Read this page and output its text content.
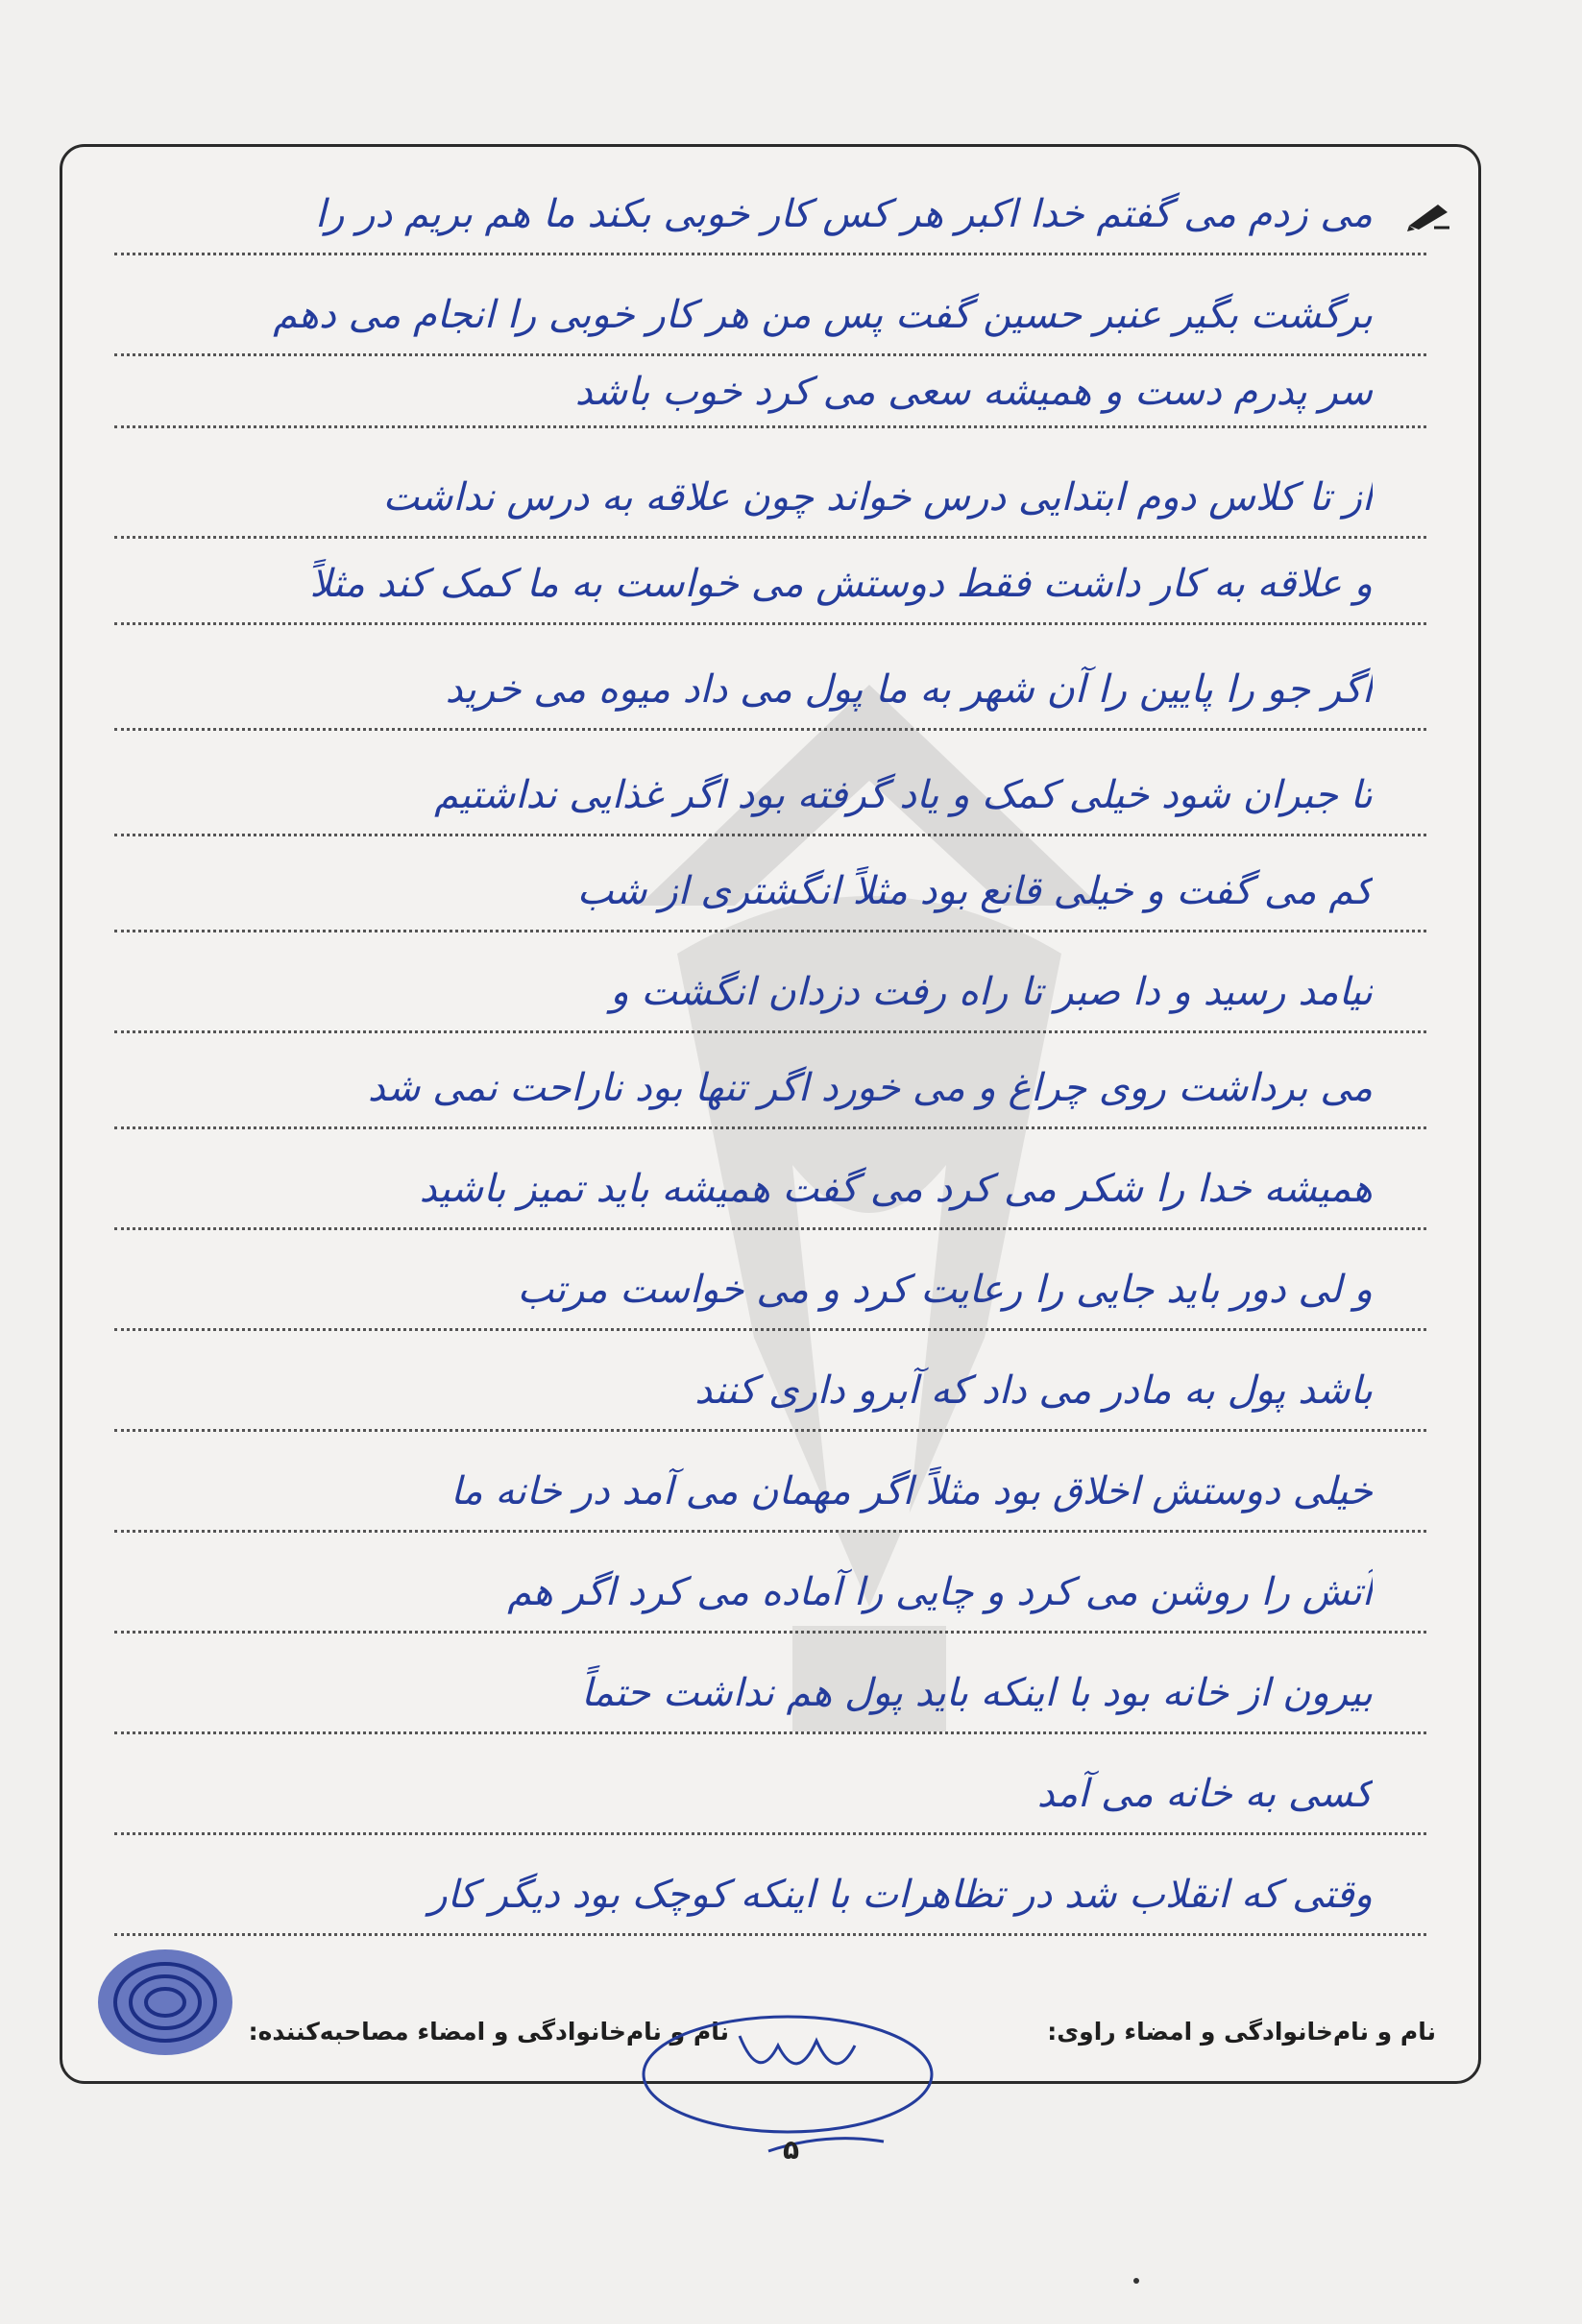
می زدم می گفتم خدا اکبر هر کس کار خوبی بکند ما هم بریم در را
برگشت بگیر عنبر حسین گفت پس من هر کار خوبی را انجام می دهم
سر پدرم دست و همیشه سعی می کرد خوب باشد
از تا کلاس دوم ابتدایی درس خواند چون علاقه به درس نداشت
و علاقه به کار داشت فقط دوستش می خواست به ما کمک کند مثلاً
اگر جو را پایین را آن شهر به ما پول می داد میوه می خرید
تا جبران شود خیلی کمک و یاد گرفته بود اگر غذایی نداشتیم
کم می گفت و خیلی قانع بود مثلاً انگشتری از شب
نیامد رسید و دا صبر تا راه رفت دزدان انگشت و
می برداشت روی چراغ و می خورد اگر تنها بود ناراحت نمی شد
همیشه خدا را شکر می کرد می گفت همیشه باید تمیز باشید
و لی دور باید جایی را رعایت کرد و می خواست مرتب
باشد پول به مادر می داد که آبرو داری کنند
خیلی دوستش اخلاق بود مثلاً اگر مهمان می آمد در خانه ما
آتش را روشن می کرد و چایی را آماده می کرد اگر هم
بیرون از خانه بود با اینکه باید پول هم نداشت حتماً
کسی به خانه می آمد
وقتی که انقلاب شد در تظاهرات با اینکه کوچک بود دیگر کار
نام و نام‌خانوادگی و امضاء راوی:
نام و نام‌خانوادگی و امضاء مصاحبه‌کننده:
۵
